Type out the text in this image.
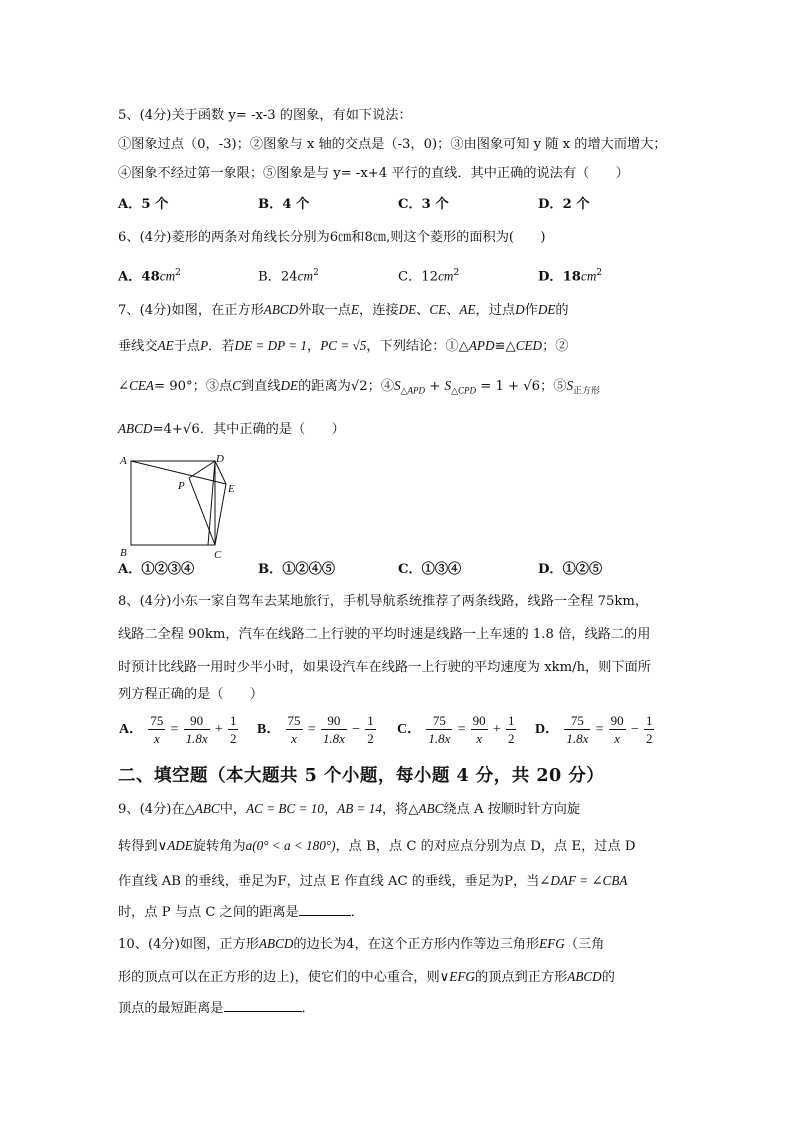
5、(4分)关于函数 y= -x-3 的图象，有如下说法：
①图象过点（0，-3)；②图象与 x 轴的交点是（-3，0)；③由图象可知 y 随 x 的增大而增大；
④图象不经过第一象限；⑤图象是与 y= -x+4 平行的直线．其中正确的说法有（　　）
A．5 个	B．4 个	C．3 个	D．2 个
6、(4分)菱形的两条对角线长分别为6㎝和8㎝,则这个菱形的面积为(　　)
A．$48cm^2$	B．$24cm^2$	C．$12cm^2$	D．$18cm^2$
7、(4分)如图，在正方形ABCD外取一点E，连接DE、CE、AE，过点D作DE的
垂线交AE于点P．若DE = DP = 1，PC = √5，下列结论：①△APD≌△CED；②
∠CEA= 90°；③点C到直线DE的距离为√2；$④S_{\triangle APD} + S_{\triangle CPD} = 1 + √6$；$⑤S_{正方形}$
ABCD=4+√6．其中正确的是（　　）
A
B	C
D
E
P
A．①②③④	B．①②④⑤	C．①③④	D．①②⑤
8、(4分)小东一家自驾车去某地旅行，手机导航系统推荐了两条线路，线路一全程 75km，
线路二全程 90km，汽车在线路二上行驶的平均时速是线路一上车速的 1.8 倍，线路二的用
时预计比线路一用时少半小时，如果设汽车在线路一上行驶的平均速度为 xkm/h，则下面所
列方程正确的是（　　）
A． $\frac{75}{x} = \frac{90}{1.8x} + \frac{1}{2}$ B． $\frac{75}{x} = \frac{90}{1.8x} - \frac{1}{2}$ C． $\frac{75}{1.8x} = \frac{90}{x} + \frac{1}{2}$ D． $\frac{75}{1.8x} = \frac{90}{x} - \frac{1}{2}$
二、填空题（本大题共 5 个小题，每小题 4 分，共 20 分）
9、(4分)在△ABC中，AC = BC = 10，AB = 14，将△ABC绕点 A 按顺时针方向旋
转得到∨ADE旋转角为a(0° < a < 180°)，点 B，点 C 的对应点分别为点 D，点 E，过点 D
作直线 AB 的垂线，垂足为F，过点 E 作直线 AC 的垂线，垂足为P，当∠DAF = ∠CBA
时，点 P 与点 C 之间的距离是	．
10、(4分)如图，正方形ABCD的边长为4，在这个正方形内作等边三角形EFG（三角
形的顶点可以在正方形的边上)，使它们的中心重合，则∨EFG的顶点到正方形ABCD的
顶点的最短距离是	．
